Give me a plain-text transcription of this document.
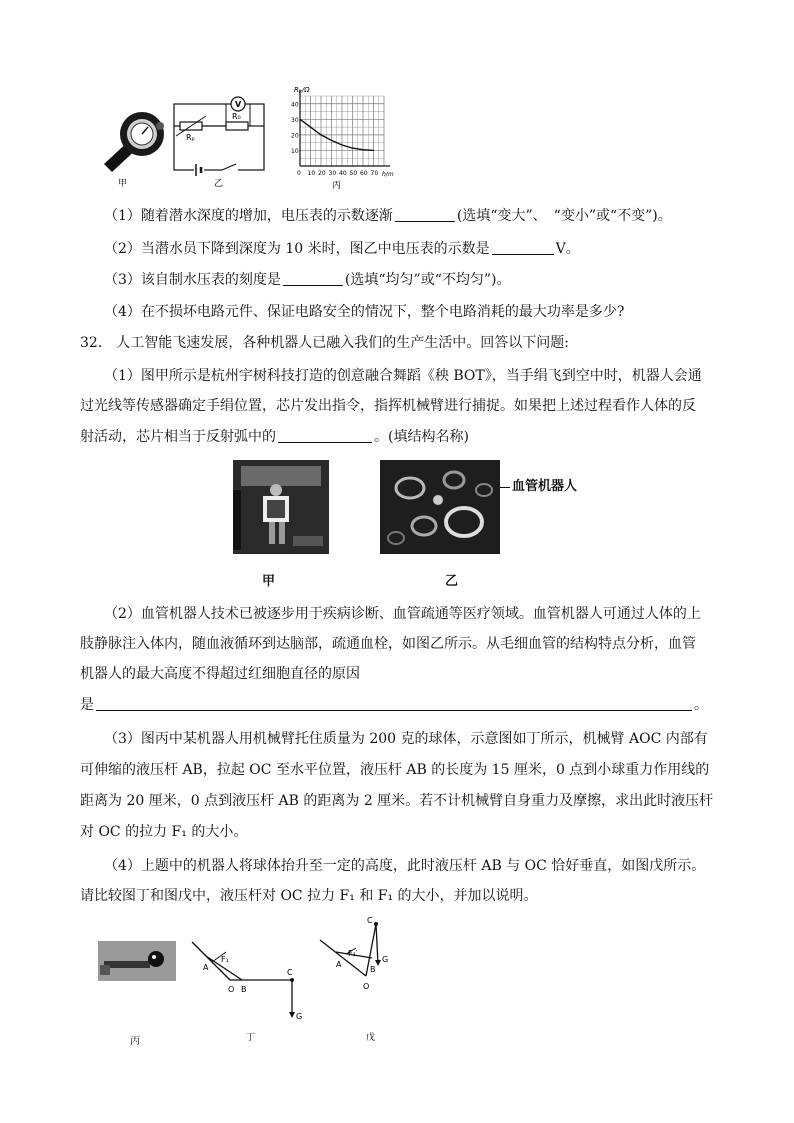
甲
V
R₀
Rₚ
乙
40
30
20
10
0 10 20 30 40 50 60 70
Rₚ/Ω
h/m
丙
（1）随着潜水深度的增加，电压表的示数逐渐	(选填“变大”、　“变小”或“不变”)。
（2）当潜水员下降到深度为 10 米时，图乙中电压表的示数是	V。
（3）该自制水压表的刻度是	(选填“均匀”或“不均匀”)。
（4）在不损坏电路元件、保证电路安全的情况下，整个电路消耗的最大功率是多少?
32.　人工智能飞速发展，各种机器人已融入我们的生产生活中。回答以下问题:
（1）图甲所示是杭州宇树科技打造的创意融合舞蹈《秧 BOT》，当手绢飞到空中时，机器人会通
过光线等传感器确定手绢位置，芯片发出指令，指挥机械臂进行捕捉。如果把上述过程看作人体的反
射活动，芯片相当于反射弧中的	。(填结构名称)
血管机器人
甲	乙
（2）血管机器人技术已被逐步用于疾病诊断、血管疏通等医疗领域。血管机器人可通过人体的上
肢静脉注入体内，随血液循环到达脑部，疏通血栓，如图乙所示。从毛细血管的结构特点分析，血管
机器人的最大高度不得超过红细胞直径的原因
是	。
（3）图丙中某机器人用机械臂托住质量为 200 克的球体，示意图如丁所示，机械臂 AOC 内部有
可伸缩的液压杆 AB，拉起 OC 至水平位置，液压杆 AB 的长度为 15 厘米，0 点到小球重力作用线的
距离为 20 厘米，0 点到液压杆 AB 的距离为 2 厘米。若不计机械臂自身重力及摩擦，求出此时液压杆
对 OC 的拉力 F₁ 的大小。
（4）上题中的机器人将球体抬升至一定的高度，此时液压杆 AB 与 OC 恰好垂直，如图戊所示。
请比较图丁和图戊中，液压杆对 OC 拉力 F₁ 和 F₁ 的大小，并加以说明。
A
F₁
O B
C
G
丁
A
F₁′
O
B
C
G
戊
丙
